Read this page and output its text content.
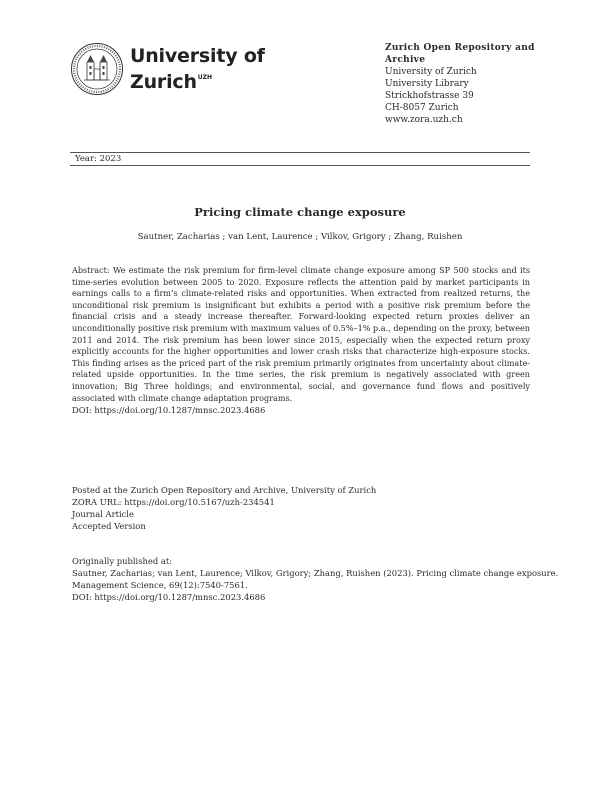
University of
Zurich$^{UZH}$
Zurich Open Repository and Archive
University of Zurich
University Library
Strickhofstrasse 39
CH-8057 Zurich
www.zora.uzh.ch
Year: 2023
Pricing climate change exposure
Sautner, Zacharias ; van Lent, Laurence ; Vilkov, Grigory ; Zhang, Ruishen

Abstract: We estimate the risk premium for firm-level climate change exposure among SP 500 stocks and its time-series evolution between 2005 to 2020. Exposure reflects the attention paid by market participants in earnings calls to a firm’s climate-related risks and opportunities. When extracted from realized returns, the unconditional risk premium is insignificant but exhibits a period with a positive risk premium before the financial crisis and a steady increase thereafter. Forward-looking expected return proxies deliver an unconditionally positive risk premium with maximum values of 0.5%–1% p.a., depending on the proxy, between 2011 and 2014. The risk premium has been lower since 2015, especially when the expected return proxy explicitly accounts for the higher opportunities and lower crash risks that characterize high-exposure stocks. This finding arises as the priced part of the risk premium primarily originates from uncertainty about climate-related upside opportunities. In the time series, the risk premium is negatively associated with green innovation; Big Three holdings; and environmental, social, and governance fund flows and positively associated with climate change adaptation programs.

DOI: https://doi.org/10.1287/mnsc.2023.4686
Posted at the Zurich Open Repository and Archive, University of Zurich
ZORA URL: https://doi.org/10.5167/uzh-234541
Journal Article
Accepted Version
Originally published at:
Sautner, Zacharias; van Lent, Laurence; Vilkov, Grigory; Zhang, Ruishen (2023). Pricing climate change exposure.
Management Science, 69(12):7540-7561.
DOI: https://doi.org/10.1287/mnsc.2023.4686
